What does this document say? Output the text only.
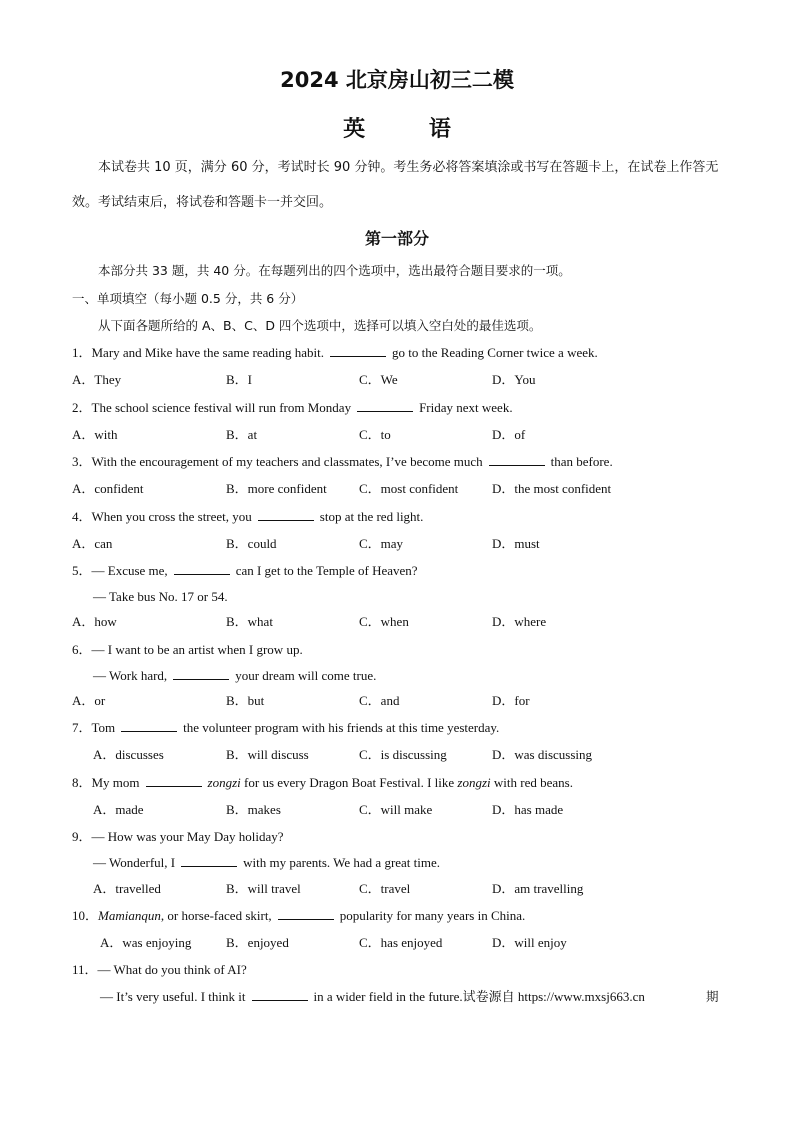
2024 北京房山初三二模
英 语
本试卷共 10 页，满分 60 分，考试时长 90 分钟。考生务必将答案填涂或书写在答题卡上，在试卷上作答无效。考试结束后，将试卷和答题卡一并交回。
第一部分
本部分共 33 题，共 40 分。在每题列出的四个选项中，选出最符合题目要求的一项。
一、单项填空（每小题 0.5 分，共 6 分）
从下面各题所给的 A、B、C、D 四个选项中，选择可以填入空白处的最佳选项。
1．Mary and Mike have the same reading habit.	go to the Reading Corner twice a week.
A．They	B．I	C．We	D．You
2．The school science festival will run from Monday	Friday next week.
A．with	B．at	C．to	D．of
3．With the encouragement of my teachers and classmates, I’ve become much	than before.
A．confident	B．more confident C．most confident	D．the most confident
4．When you cross the street, you	stop at the red light.
A．can	B．could	C．may	D．must
5．— Excuse me,	can I get to the Temple of Heaven?
— Take bus No. 17 or 54.
A．how	B．what	C．when	D．where
6．— I want to be an artist when I grow up.
— Work hard,	your dream will come true.
A．or	B．but	C．and	D．for
7．Tom	the volunteer program with his friends at this time yesterday.
A．discusses	B．will discuss	C．is discussing	D．was discussing
8．My mom	zongzi for us every Dragon Boat Festival. I like zongzi with red beans.
A．made	B．makes	C．will make	D．has made
9．— How was your May Day holiday?
— Wonderful, I	with my parents. We had a great time.
A．travelled	B．will travel	C．travel	D．am travelling
10．Mamianqun, or horse-faced skirt,	popularity for many years in China.
A．was enjoying	B．enjoyed	C．has enjoyed	D．will enjoy
11．— What do you think of AI?
— It’s very useful. I think it	in a wider field in the future.试卷源自 https://www.mxsj663.cn	期
